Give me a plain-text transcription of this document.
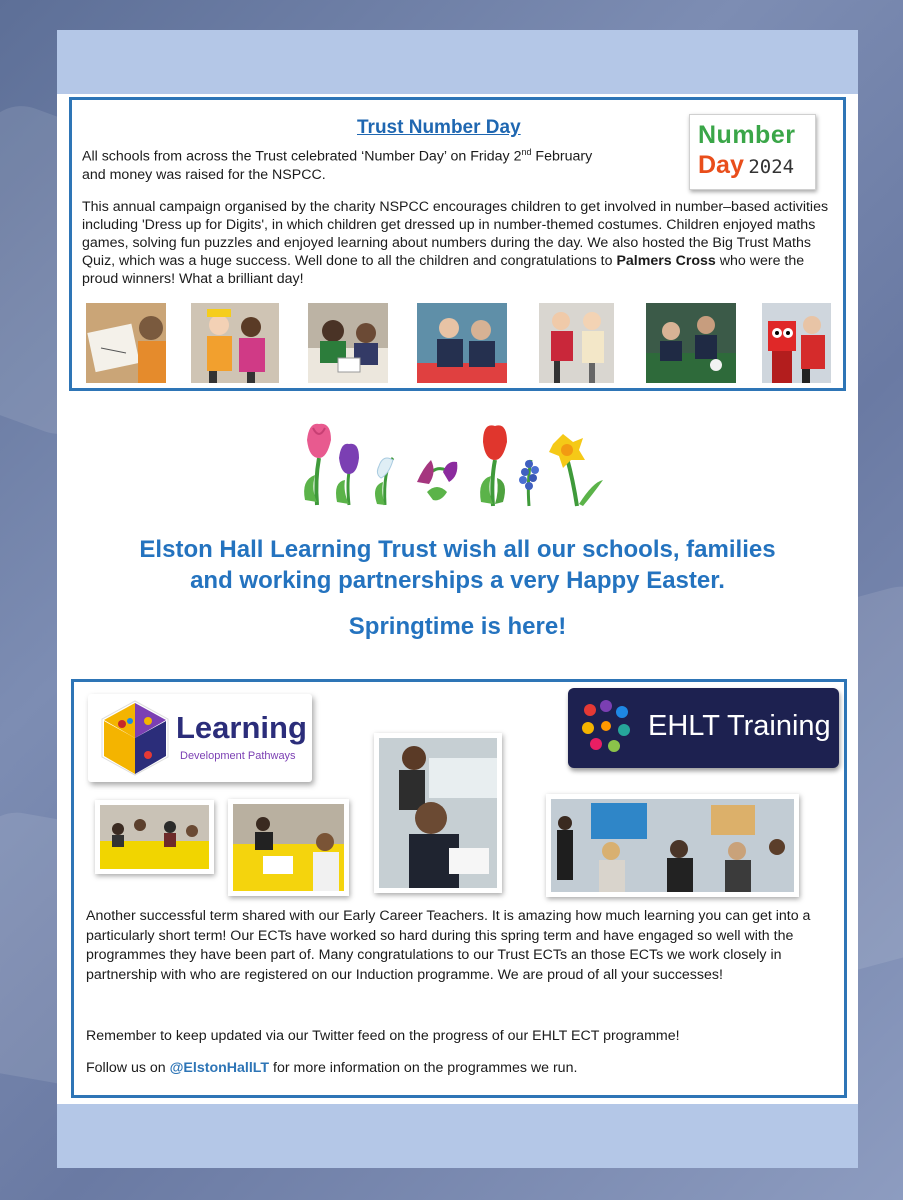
Trust Number Day

All schools from across the Trust celebrated ‘Number Day’ on Friday 2nd February
and money was raised for the NSPCC.

Number
Day 2024

This annual campaign organised by the charity NSPCC encourages children to get involved in number–based activities including 'Dress up for Digits', in which children get dressed up in number-themed costumes. Children enjoyed maths games, solving fun puzzles and enjoyed learning about numbers during the day. We also hosted the Big Trust Maths Quiz, which was a huge success. Well done to all the children and congratulations to Palmers Cross who were the proud winners! What a brilliant day!

Elston Hall Learning Trust wish all our schools, families
and working partnerships a very Happy Easter.

Springtime is here!

Learning
Development Pathways
EHLT Training

Another successful term shared with our Early Career Teachers. It is amazing how much learning you can get into a particularly short term! Our ECTs have worked so hard during this spring term and have engaged so well with the programmes they have been part of. Many congratulations to our Trust ECTs an those ECTs we work closely in partnership with who are registered on our Induction programme. We are proud of all your successes!

Remember to keep updated via our Twitter feed on the progress of our EHLT ECT programme!

Follow us on @ElstonHallLT for more information on the programmes we run.
